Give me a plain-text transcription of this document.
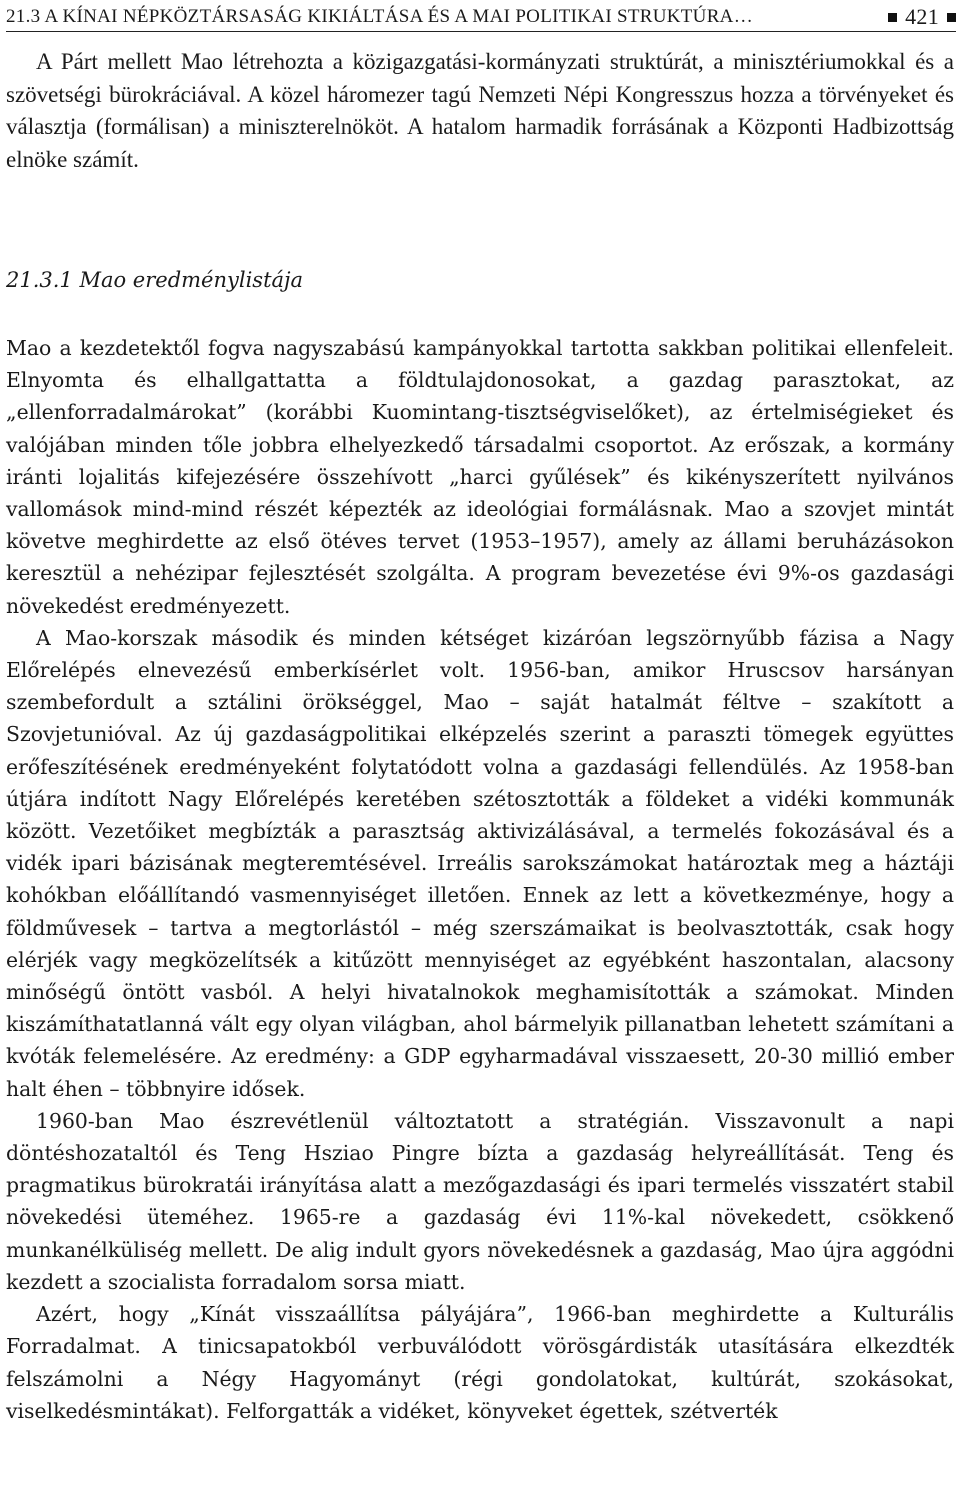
21.3 A KÍNAI NÉPKÖZTÁRSASÁG KIKIÁLTÁSA ÉS A MAI POLITIKAI STRUKTÚRA…	421

A Párt mellett Mao létrehozta a közigazgatási-kormányzati struktúrát, a minisztériumokkal és a szövetségi bürokráciával. A közel háromezer tagú Nemzeti Népi Kongresszus hozza a törvényeket és választja (formálisan) a miniszterelnököt. A hatalom harmadik forrásának a Központi Hadbizottság elnöke számít.

21.3.1 Mao eredménylistája

Mao a kezdetektől fogva nagyszabású kampányokkal tartotta sakkban politikai ellenfeleit. Elnyomta és elhallgattatta a földtulajdonosokat, a gazdag parasztokat, az „ellenforradalmárokat” (korábbi Kuomintang-tisztségviselőket), az értelmiségieket és valójában minden tőle jobbra elhelyezkedő társadalmi csoportot. Az erőszak, a kormány iránti lojalitás kifejezésére összehívott „harci gyűlések” és kikényszerített nyilvános vallomások mind-mind részét képezték az ideológiai formálásnak. Mao a szovjet mintát követve meghirdette az első ötéves tervet (1953–1957), amely az állami beruházásokon keresztül a nehézipar fejlesztését szolgálta. A program bevezetése évi 9%-os gazdasági növekedést eredményezett.

A Mao-korszak második és minden kétséget kizáróan legszörnyűbb fázisa a Nagy Előrelépés elnevezésű emberkísérlet volt. 1956-ban, amikor Hruscsov harsányan szembefordult a sztálini örökséggel, Mao – saját hatalmát féltve – szakított a Szovjetunióval. Az új gazdaságpolitikai elképzelés szerint a paraszti tömegek együttes erőfeszítésének eredményeként folytatódott volna a gazdasági fellendülés. Az 1958-ban útjára indított Nagy Előrelépés keretében szétosztották a földeket a vidéki kommunák között. Vezetőiket megbízták a parasztság aktivizálásával, a termelés fokozásával és a vidék ipari bázisának megteremtésével. Irreális sarokszámokat határoztak meg a háztáji kohókban előállítandó vasmennyiséget illetően. Ennek az lett a következménye, hogy a földművesek – tartva a megtorlástól – még szerszámaikat is beolvasztották, csak hogy elérjék vagy megközelítsék a kitűzött mennyiséget az egyébként haszontalan, alacsony minőségű öntött vasból. A helyi hivatalnokok meghamisították a számokat. Minden kiszámíthatatlanná vált egy olyan világban, ahol bármelyik pillanatban lehetett számítani a kvóták felemelésére. Az eredmény: a GDP egyharmadával visszaesett, 20-30 millió ember halt éhen – többnyire idősek.

1960-ban Mao észrevétlenül változtatott a stratégián. Visszavonult a napi döntéshozataltól és Teng Hsziao Pingre bízta a gazdaság helyreállítását. Teng és pragmatikus bürokratái irányítása alatt a mezőgazdasági és ipari termelés visszatért stabil növekedési üteméhez. 1965-re a gazdaság évi 11%-kal növekedett, csökkenő munkanélküliség mellett. De alig indult gyors növekedésnek a gazdaság, Mao újra aggódni kezdett a szocialista forradalom sorsa miatt.

Azért, hogy „Kínát visszaállítsa pályájára”, 1966-ban meghirdette a Kulturális Forradalmat. A tinicsapatokból verbuválódott vörösgárdisták utasítására elkezdték felszámolni a Négy Hagyományt (régi gondolatokat, kultúrát, szokásokat, viselkedésmintákat). Felforgatták a vidéket, könyveket égettek, szétverték
